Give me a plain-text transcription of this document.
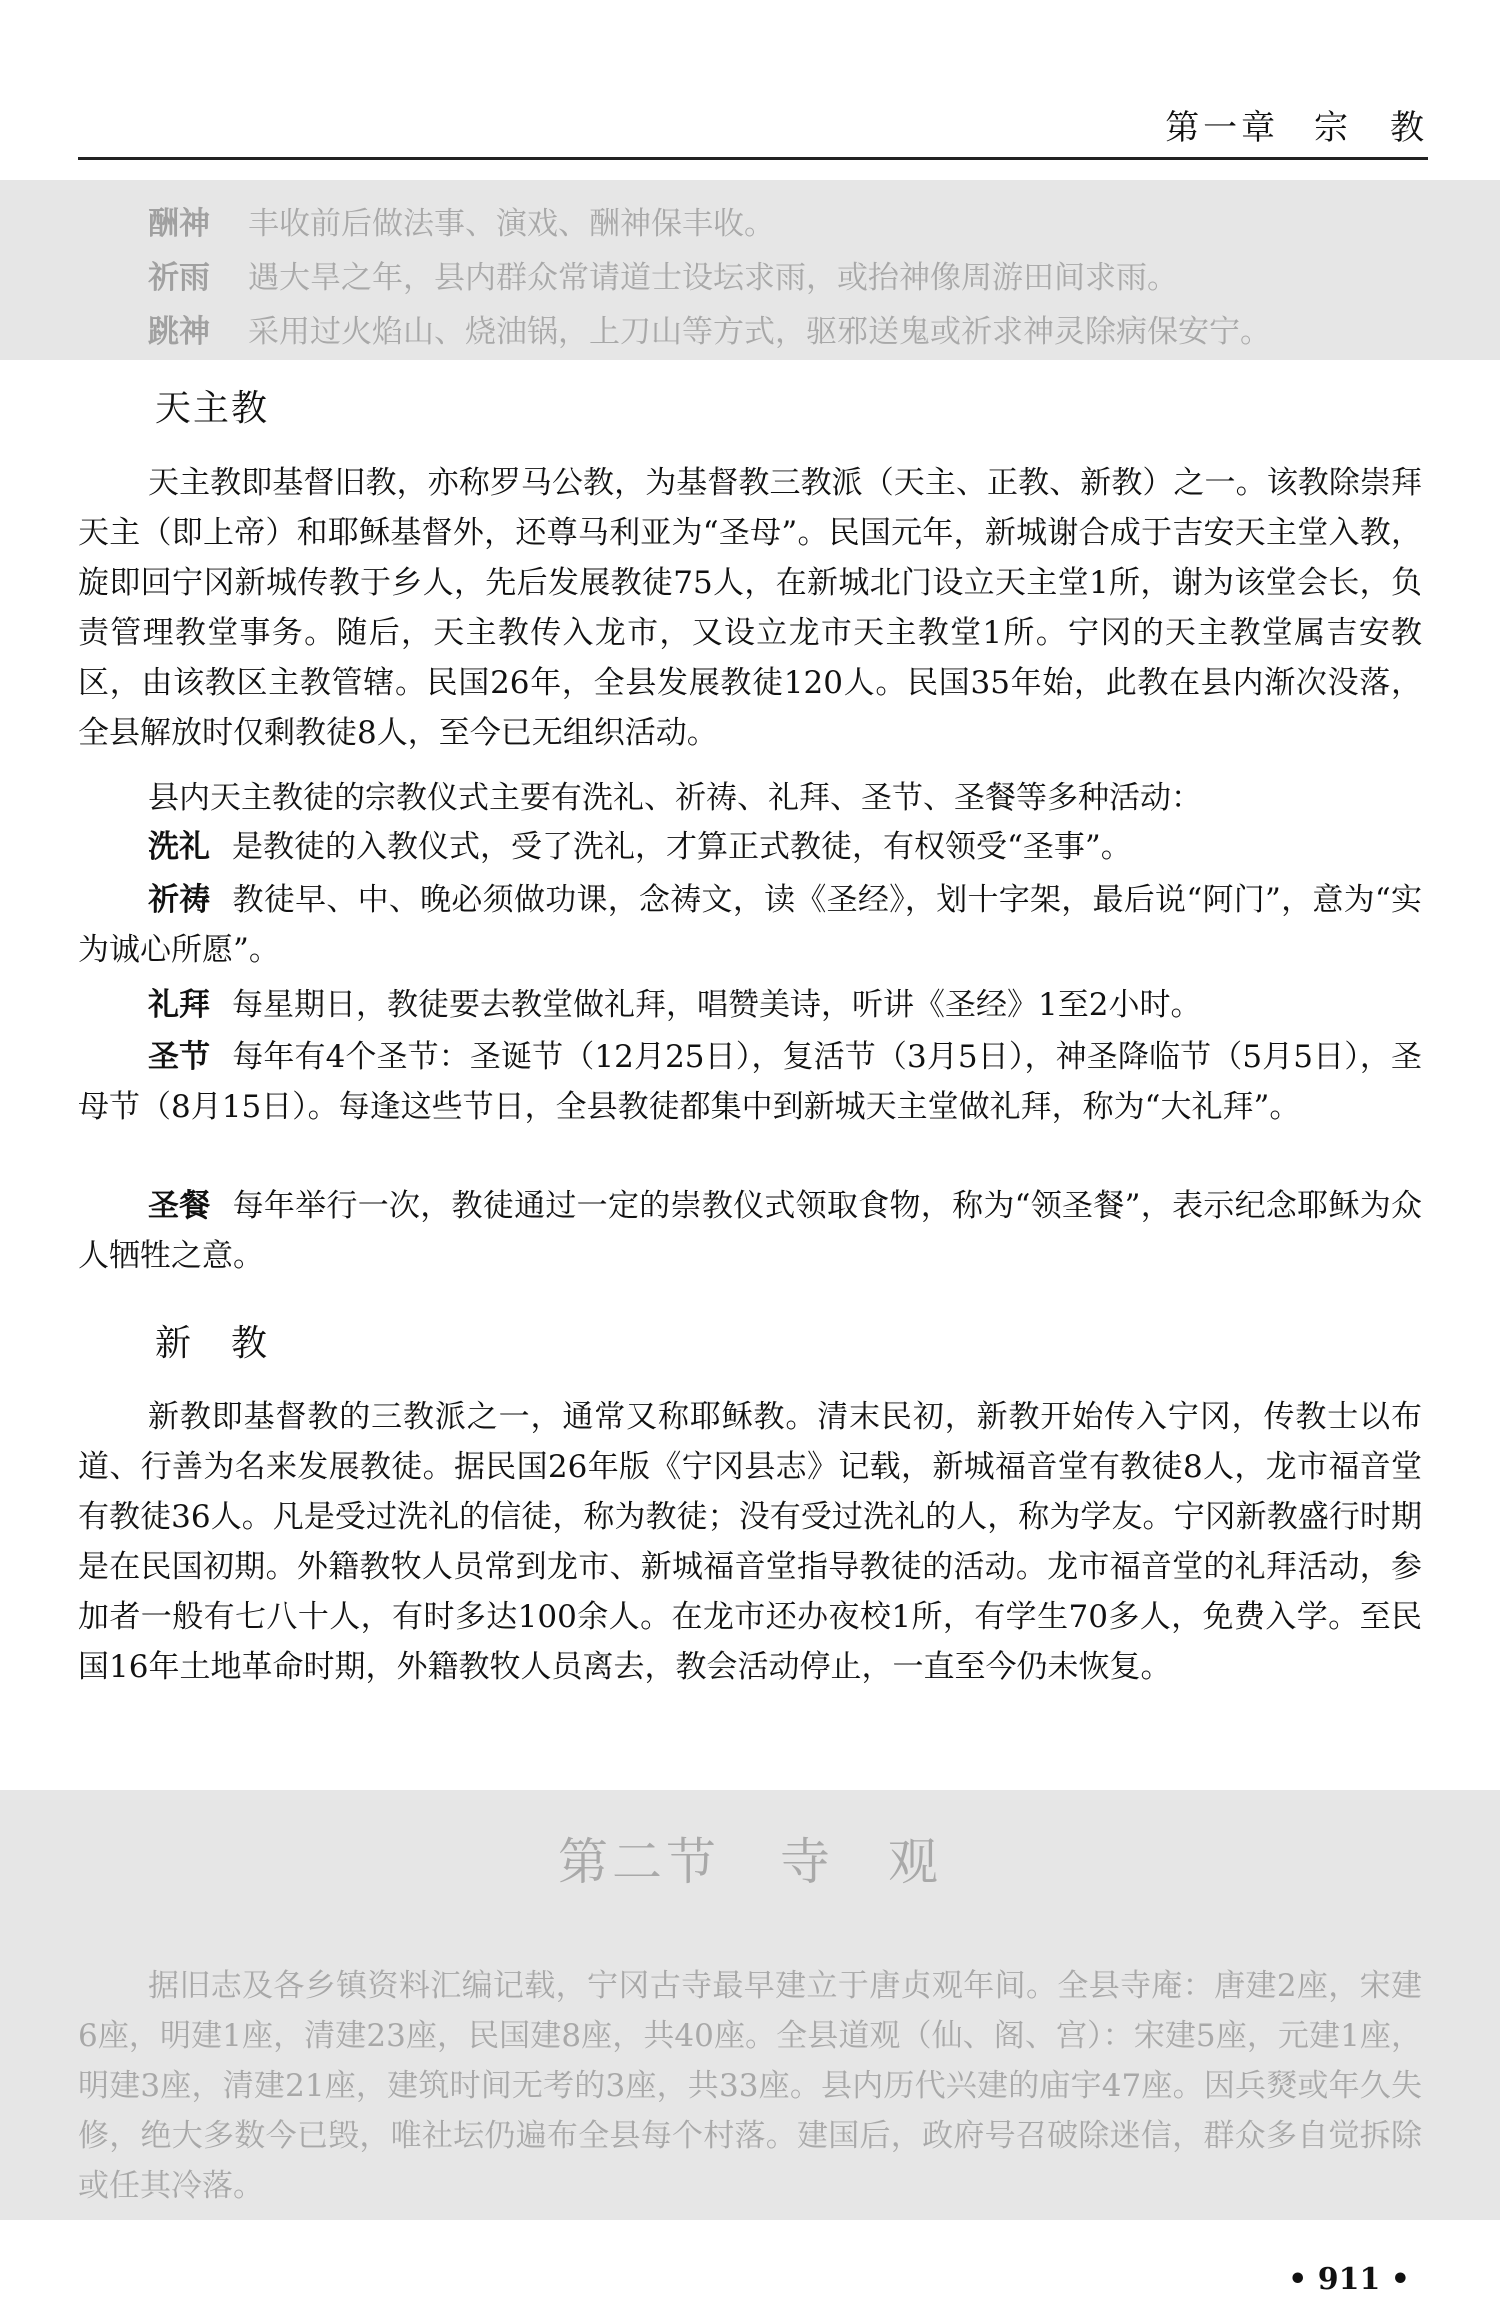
第一章 宗　教
酬神 丰收前后做法事、演戏、酬神保丰收。
祈雨 遇大旱之年，县内群众常请道士设坛求雨，或抬神像周游田间求雨。
跳神 采用过火焰山、烧油锅，上刀山等方式，驱邪送鬼或祈求神灵除病保安宁。
天主教
天主教即基督旧教，亦称罗马公教，为基督教三教派（天主、正教、新教）之一。该教除崇拜天主（即上帝）和耶稣基督外，还尊马利亚为“圣母”。民国元年，新城谢合成于吉安天主堂入教，旋即回宁冈新城传教于乡人，先后发展教徒75人，在新城北门设立天主堂1所，谢为该堂会长，负责管理教堂事务。随后，天主教传入龙市，又设立龙市天主教堂1所。宁冈的天主教堂属吉安教区，由该教区主教管辖。民国26年，全县发展教徒120人。民国35年始，此教在县内渐次没落，全县解放时仅剩教徒8人，至今已无组织活动。
县内天主教徒的宗教仪式主要有洗礼、祈祷、礼拜、圣节、圣餐等多种活动：
洗礼 是教徒的入教仪式，受了洗礼，才算正式教徒，有权领受“圣事”。
祈祷 教徒早、中、晚必须做功课，念祷文，读《圣经》，划十字架，最后说“阿门”，意为“实为诚心所愿”。
礼拜 每星期日，教徒要去教堂做礼拜，唱赞美诗，听讲《圣经》1至2小时。
圣节 每年有4个圣节：圣诞节（12月25日），复活节（3月5日），神圣降临节（5月5日），圣母节（8月15日）。每逢这些节日，全县教徒都集中到新城天主堂做礼拜，称为“大礼拜”。
圣餐 每年举行一次，教徒通过一定的崇教仪式领取食物，称为“领圣餐”，表示纪念耶稣为众人牺牲之意。
新　教
新教即基督教的三教派之一，通常又称耶稣教。清末民初，新教开始传入宁冈，传教士以布道、行善为名来发展教徒。据民国26年版《宁冈县志》记载，新城福音堂有教徒8人，龙市福音堂有教徒36人。凡是受过洗礼的信徒，称为教徒；没有受过洗礼的人，称为学友。宁冈新教盛行时期是在民国初期。外籍教牧人员常到龙市、新城福音堂指导教徒的活动。龙市福音堂的礼拜活动，参加者一般有七八十人，有时多达100余人。在龙市还办夜校1所，有学生70多人，免费入学。至民国16年土地革命时期，外籍教牧人员离去，教会活动停止，一直至今仍未恢复。
第二节 寺　观
据旧志及各乡镇资料汇编记载，宁冈古寺最早建立于唐贞观年间。全县寺庵：唐建2座，宋建6座，明建1座，清建23座，民国建8座，共40座。全县道观（仙、阁、宫）：宋建5座，元建1座，明建3座，清建21座，建筑时间无考的3座，共33座。县内历代兴建的庙宇47座。因兵燹或年久失修，绝大多数今已毁，唯社坛仍遍布全县每个村落。建国后，政府号召破除迷信，群众多自觉拆除或任其冷落。
• 911 •
